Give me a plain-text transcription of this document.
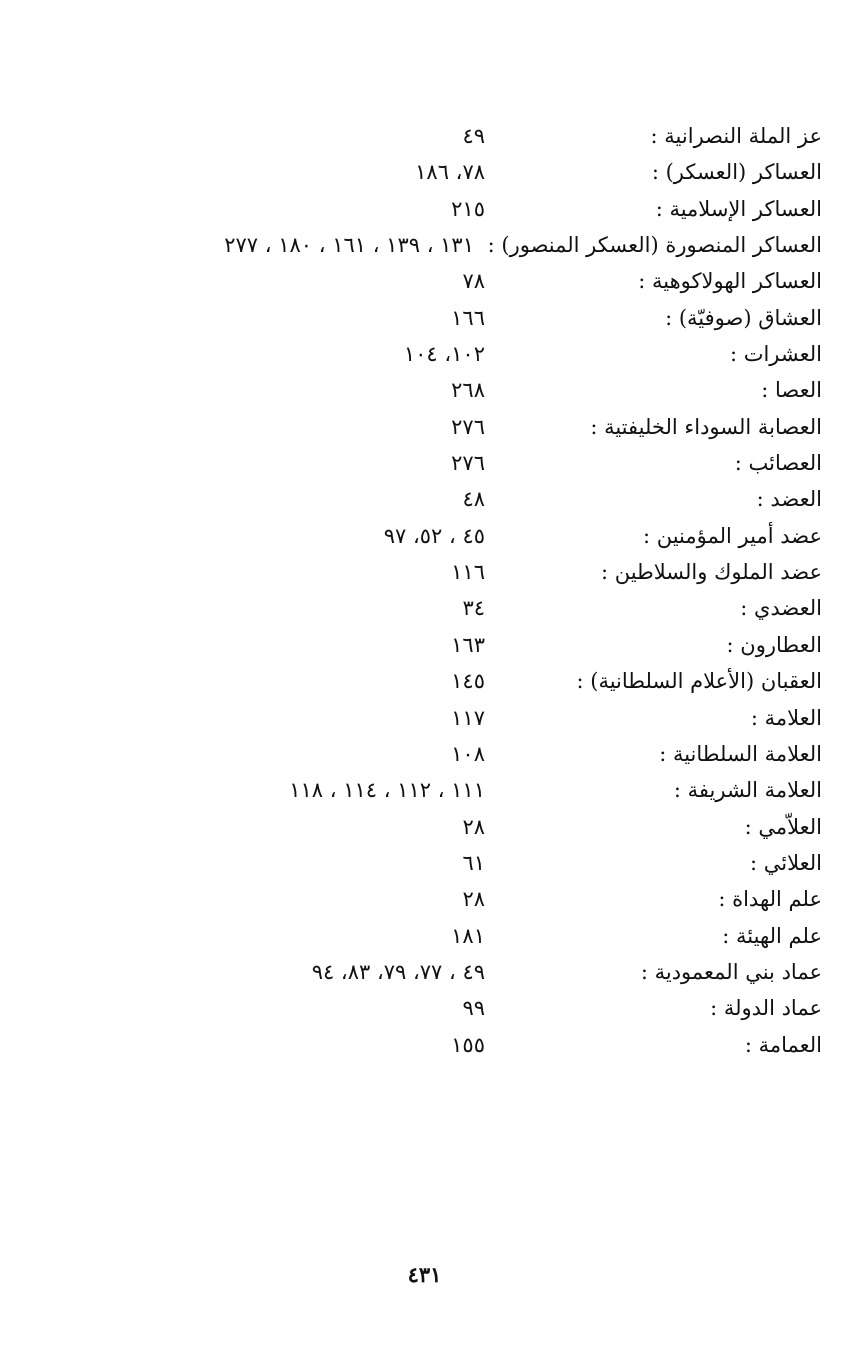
عز الملة النصرانية :
٤٩
العساكر (العسكر) :
٧٨، ١٨٦
العساكر الإسلامية :
٢١٥
العساكر المنصورة (العسكر المنصور) :
١٣١ ، ١٣٩ ، ١٦١ ، ١٨٠ ، ٢٧٧
العساكر الهولاكوهية :
٧٨
العشاق (صوفيّة) :
١٦٦
العشرات :
١٠٢، ١٠٤
العصا :
٢٦٨
العصابة السوداء الخليفتية :
٢٧٦
العصائب :
٢٧٦
العضد :
٤٨
عضد أمير المؤمنين :
٤٥ ، ٥٢، ٩٧
عضد الملوك والسلاطين :
١١٦
العضدي :
٣٤
العطارون :
١٦٣
العقبان (الأعلام السلطانية) :
١٤٥
العلامة :
١١٧
العلامة السلطانية :
١٠٨
العلامة الشريفة :
١١١ ، ١١٢ ، ١١٤ ، ١١٨
العلاّمي :
٢٨
العلائي :
٦١
علم الهداة :
٢٨
علم الهيئة :
١٨١
عماد بني المعمودية :
٤٩ ، ٧٧، ٧٩، ٨٣، ٩٤
عماد الدولة :
٩٩
العمامة :
١٥٥
٤٣١
